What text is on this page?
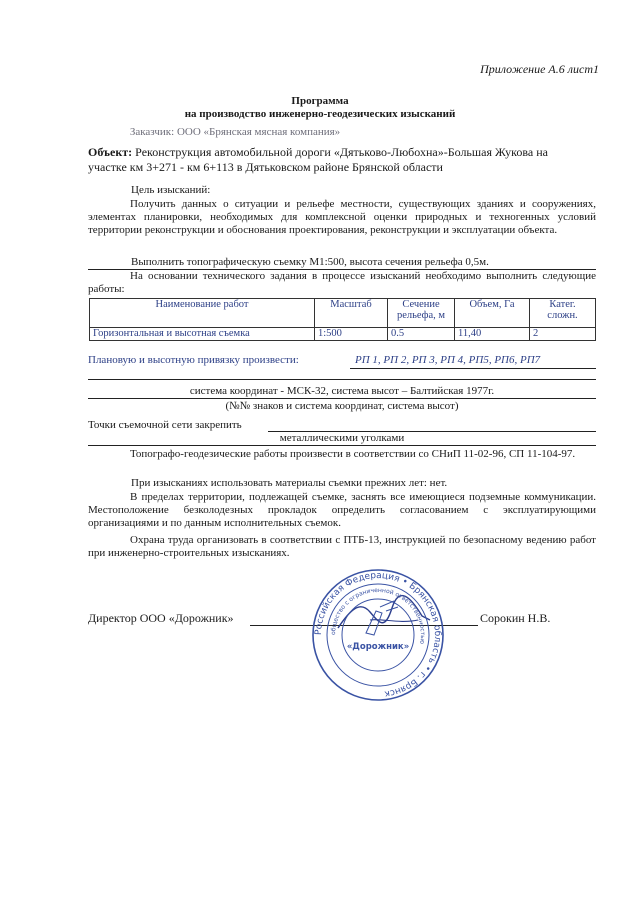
Приложение А.6 лист1
Программа
на производство инженерно-геодезических изысканий
Заказчик: ООО «Брянская мясная компания»
Объект: Реконструкция автомобильной дороги «Дятьково-Любохна»-Большая Жукова на
участке км 3+271 - км 6+113 в Дятьковском районе Брянской области
Цель изысканий:
Получить данных о ситуации и рельефе местности, существующих зданиях и сооружениях, элементах планировки, необходимых для комплексной оценки природных и техногенных условий территории реконструкции и обоснования проектирования, реконструкции и эксплуатации объекта.
Выполнить топографическую съемку М1:500, высота сечения рельефа 0,5м.
На основании технического задания в процессе изысканий необходимо выполнить следующие работы:
Наименование работ	Масштаб	Сечение рельефа, м	Объем, Га	Катег. сложн.
Горизонтальная и высотная съемка	1:500	0.5	11,40	2
Плановую и высотную привязку произвести:	РП 1, РП 2, РП 3, РП 4, РП5, РП6, РП7
система координат - МСК-32, система высот – Балтийская 1977г.
(№№ знаков и система координат, система высот)
Точки съемочной сети закрепить
металлическими уголками
Топографо-геодезические работы произвести в соответствии со СНиП 11-02-96, СП 11-104-97.
При изысканиях использовать материалы съемки прежних лет: нет.
В пределах территории, подлежащей съемке, заснять все имеющиеся подземные коммуникации. Местоположение безколодезных прокладок определить согласованием с эксплуатирующими организациями и по данным исполнительных съемок.
Охрана труда организовать в соответствии с ПТБ-13, инструкцией по безопасному ведению работ при инженерно-строительных изысканиях.
Директор ООО «Дорожник»	Сорокин Н.В.
Российская Федерация • Брянская область • г. Брянск
общество с ограниченной ответственностью
«Дорожник»
